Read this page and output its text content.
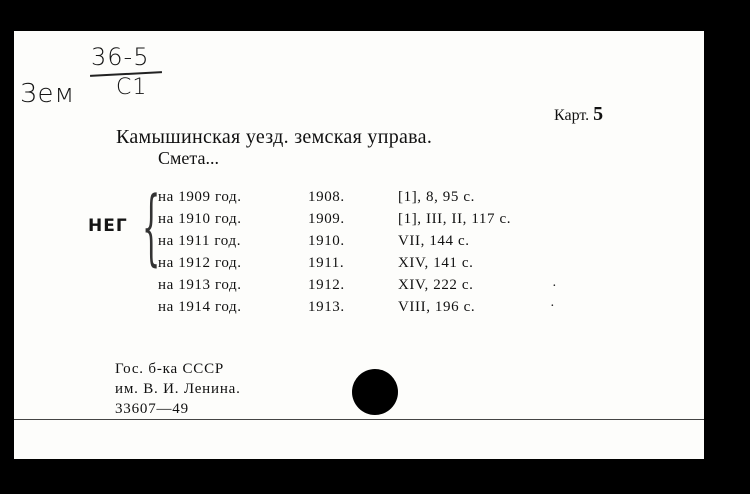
Зем
36-5
C1
Карт. 5
Камышинская уезд. земская управа.
Смета...
НЕГ {
на 1909 год.	1908.	[1], 8, 95 с.
на 1910 год.	1909.	[1], III, II, 117 с.
на 1911 год.	1910.	VII, 144 с.
на 1912 год.	1911.	XIV, 141 с.
на 1913 год.	1912.	XIV, 222 с.
на 1914 год.	1913.	VIII, 196 с.
·
·
Гос. б-ка СССР
им. В. И. Ленина.
33607—49
